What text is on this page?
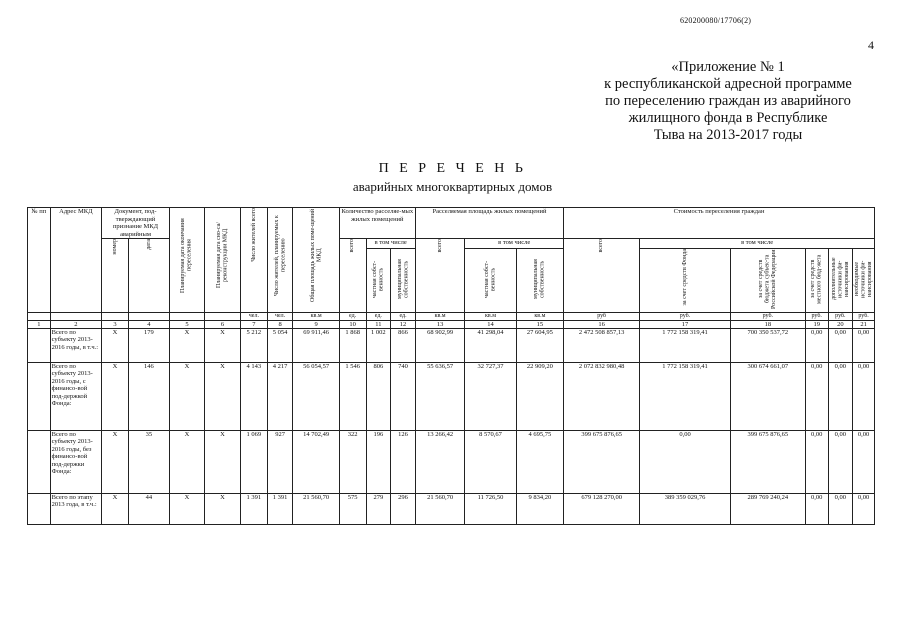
620200080/17706(2)
4
«Приложение № 1
к республиканской адресной программе
по переселению граждан из аварийного
жилищного фонда в Республике
Тыва на 2013-2017 годы
П Е Р Е Ч Е Н Ь
аварийных многоквартирных домов
№ пп	Адрес МКД	Документ, под-тверждающий признание МКД аварийным		Планируемая дата окончания переселения	Планируемая дата сно-са/реконструкции МКД	Число жителей всего	Число жителей, планируемых к переселению	Общая площадь жилых поме-щений МКД	Количество расселяе-мых жилых помещений			Расселяемая площадь жилых помещений			Стоимость переселения граждан					
		номер	дата						всего	в том числе		всего	в том числе		всего	в том числе				
										частная собст-венность	муниципальная собственность		частная собст-венность	муниципальная собственность		за счет средств Фонда	за счет средств бюджета субъек-та Российской Федерации	за счет средств местного бюд-жета	дополнительные источники фи-нансирования	необходимые источники фи-нансирования
						чел.	чел.	кв.м	ед.	ед.	ед.	кв.м	кв.м	кв.м	руб	руб.	руб.	руб.	руб.	руб.
1	2	3	4	5	6	7	8	9	10	11	12	13	14	15	16	17	18	19	20	21
	Всего по субъекту 2013-2016 годы, в т.ч.:	X	179	X	X	5 212	5 054	69 911,46	1 868	1 002	866	68 902,99	41 298,04	27 604,95	2 472 508 857,13	1 772 158 319,41	700 350 537,72	0,00	0,00	0,00
	Всего по субъекту 2013-2016 годы, с финансо-вой под-держкой Фонда:	X	146	X	X	4 143	4 217	56 054,57	1 546	806	740	55 636,57	32 727,37	22 909,20	2 072 832 980,48	1 772 158 319,41	300 674 661,07	0,00	0,00	0,00
	Всего по субъекту 2013-2016 годы, без финансо-вой под-держки Фонда:	X	35	X	X	1 069	927	14 702,49	322	196	126	13 266,42	8 570,67	4 695,75	399 675 876,65	0,00	399 675 876,65	0,00	0,00	0,00
	Всего по этапу 2013 года, в т.ч.:	X	44	X	X	1 391	1 391	21 560,70	575	279	296	21 560,70	11 726,50	9 834,20	679 128 270,00	389 359 029,76	289 769 240,24	0,00	0,00	0,00
